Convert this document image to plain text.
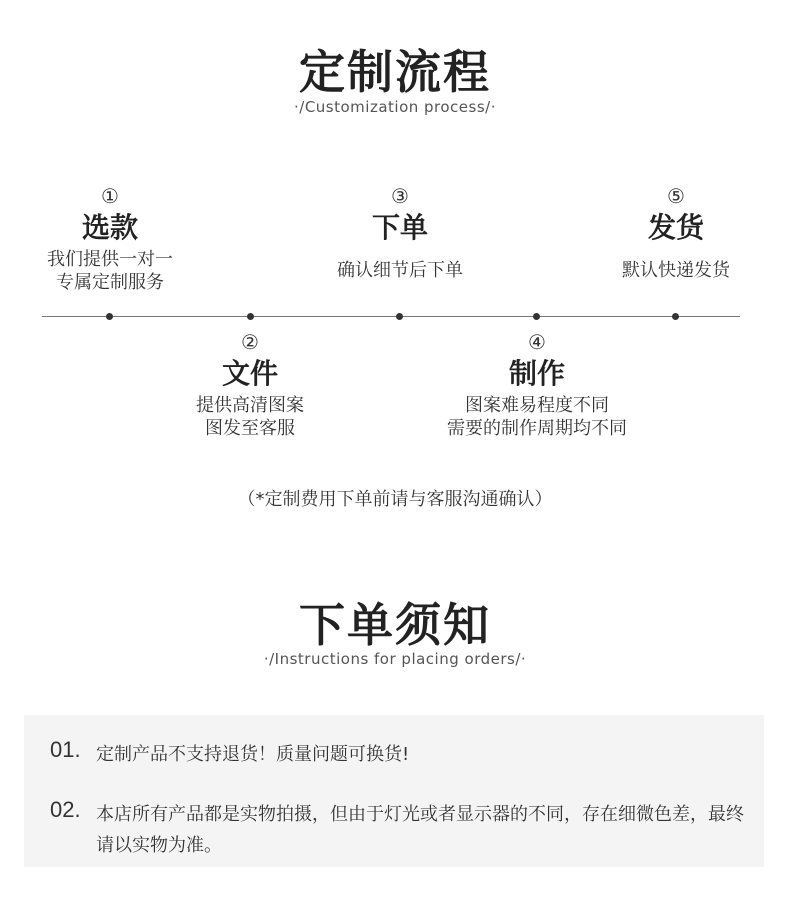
定制流程
·/Customization process/·
①
选款
我们提供一对一
专属定制服务
③
下单
确认细节后下单
⑤
发货
默认快递发货
②
文件
提供高清图案
图发至客服
④
制作
图案难易程度不同
需要的制作周期均不同
（*定制费用下单前请与客服沟通确认）
下单须知
·/Instructions for placing orders/·
01. 定制产品不支持退货！质量问题可换货!
02. 本店所有产品都是实物拍摄，但由于灯光或者显示器的不同，存在细微色差，最终请以实物为准。
